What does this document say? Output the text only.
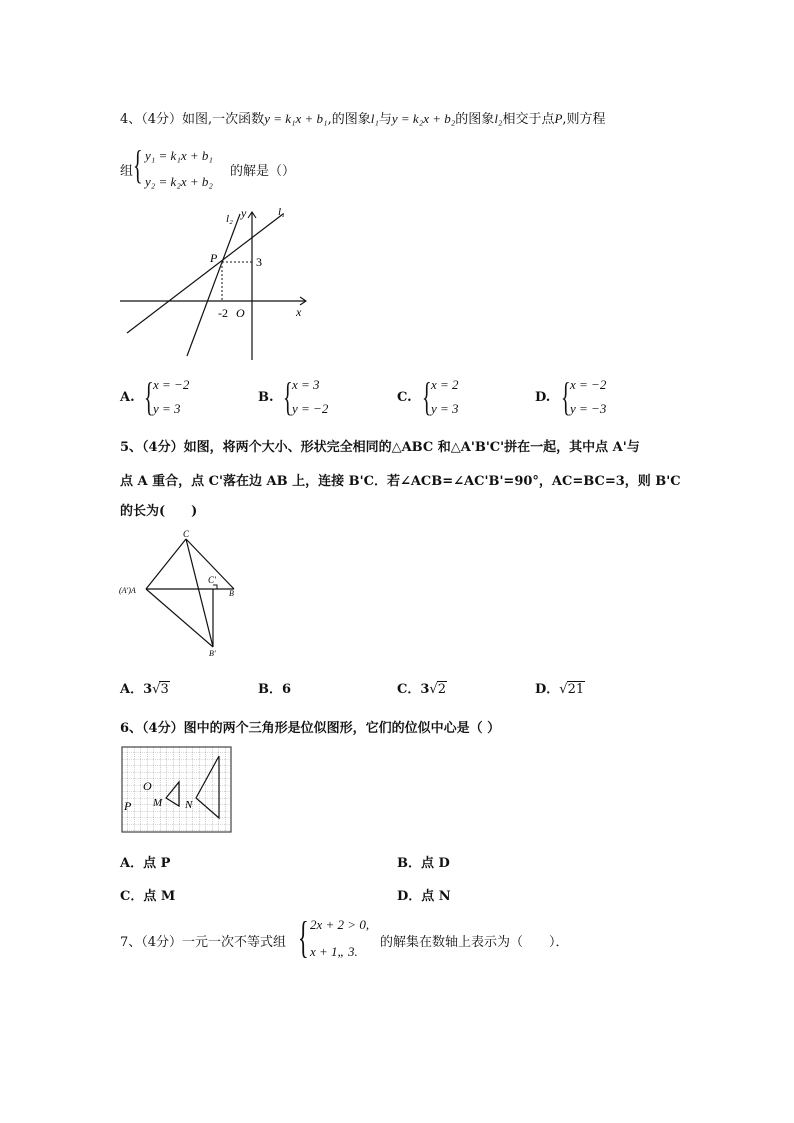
4、（4分）如图,一次函数y = k₁x + b₁,的图象l₁与y = k₂x + b₂的图象l₂相交于点P,则方程
组 { y₁ = k₁x + b₁
y₂ = k₂x + b₂
的解是（）
l₂
l₁
y
P	3
-2 O	x
A. { x = −2
y = 3
B. { x = 3
y = −2
C. { x = 2
y = 3
D. { x = −2
y = −3
5、（4分）如图，将两个大小、形状完全相同的△ABC 和△A'B'C'拼在一起，其中点 A'与
点 A 重合，点 C'落在边 AB 上，连接 B'C．若∠ACB=∠AC'B'=90°，AC=BC=3，则 B'C
的长为(　　)
C
C'
(A')A	B
B'
A．3√3	B．6	C．3√2	D．√21
6、（4分）图中的两个三角形是位似图形，它们的位似中心是（ ）
O
P M N
A．点 P	B．点 D
C．点 M	D．点 N
7、（4分）一元一次不等式组 { 2x + 2 > 0,
x + 1„ 3.
的解集在数轴上表示为（　　）．
